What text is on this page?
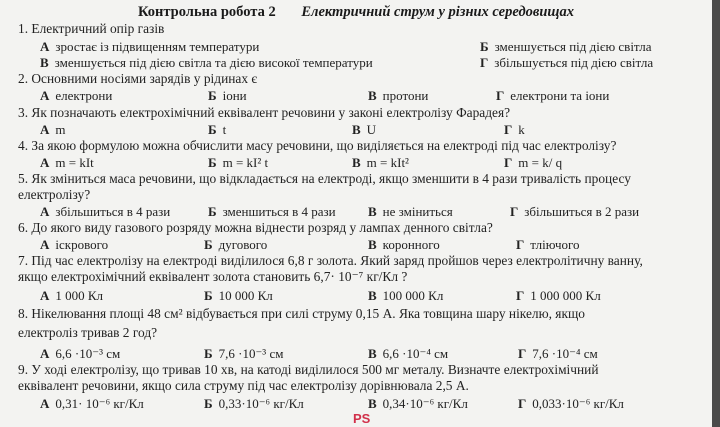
Контрольна робота 2 Електричний струм у різних середовищах
1. Електричний опір газів
А зростає із підвищенням температури	Б зменшується під дією світла
В зменшується під дією світла та дією високої температури	Г збільшується під дією світла
2. Основними носіями зарядів у рідинах є
А електрони	Б іони	В протони	Г електрони та іони
3. Як позначають електрохімічний еквівалент речовини у законі електролізу Фарадея?
А m	Б t	В U	Г k
4. За якою формулою можна обчислити масу речовини, що виділяється на електроді під час електролізу?
А m = kIt	Б m = kI² t	В m = kIt²	Г m = k/ q
5. Як зміниться маса речовини, що відкладається на електроді, якщо зменшити в 4 рази тривалість процесу
електролізу?
А збільшиться в 4 рази	Б зменшиться в 4 рази В не зміниться	Г збільшиться в 2 рази
6. До якого виду газового розряду можна віднести розряд у лампах денного світла?
А іскрового	Б дугового	В коронного	Г тліючого
7. Під час електролізу на електроді виділилося 6,8 г золота. Який заряд пройшов через електролітичну ванну,
якщо електрохімічний еквівалент золота становить 6,7· 10⁻⁷ кг/Кл ?
А 1 000 Кл	Б 10 000 Кл	В 100 000 Кл	Г 1 000 000 Кл
8. Нікелювання площі 48 см² відбувається при силі струму 0,15 А. Яка товщина шару нікелю, якщо
електроліз тривав 2 год?
А 6,6 ·10⁻³ см	Б 7,6 ·10⁻³ см	В 6,6 ·10⁻⁴ см	Г 7,6 ·10⁻⁴ см
9. У ході електролізу, що тривав 10 хв, на катоді виділилося 500 мг металу. Визначте електрохімічний
еквівалент речовини, якщо сила струму під час електролізу дорівнювала 2,5 А.
А 0,31· 10⁻⁶ кг/Кл	Б 0,33·10⁻⁶ кг/Кл	В 0,34·10⁻⁶ кг/Кл	Г 0,033·10⁻⁶ кг/Кл
PS
